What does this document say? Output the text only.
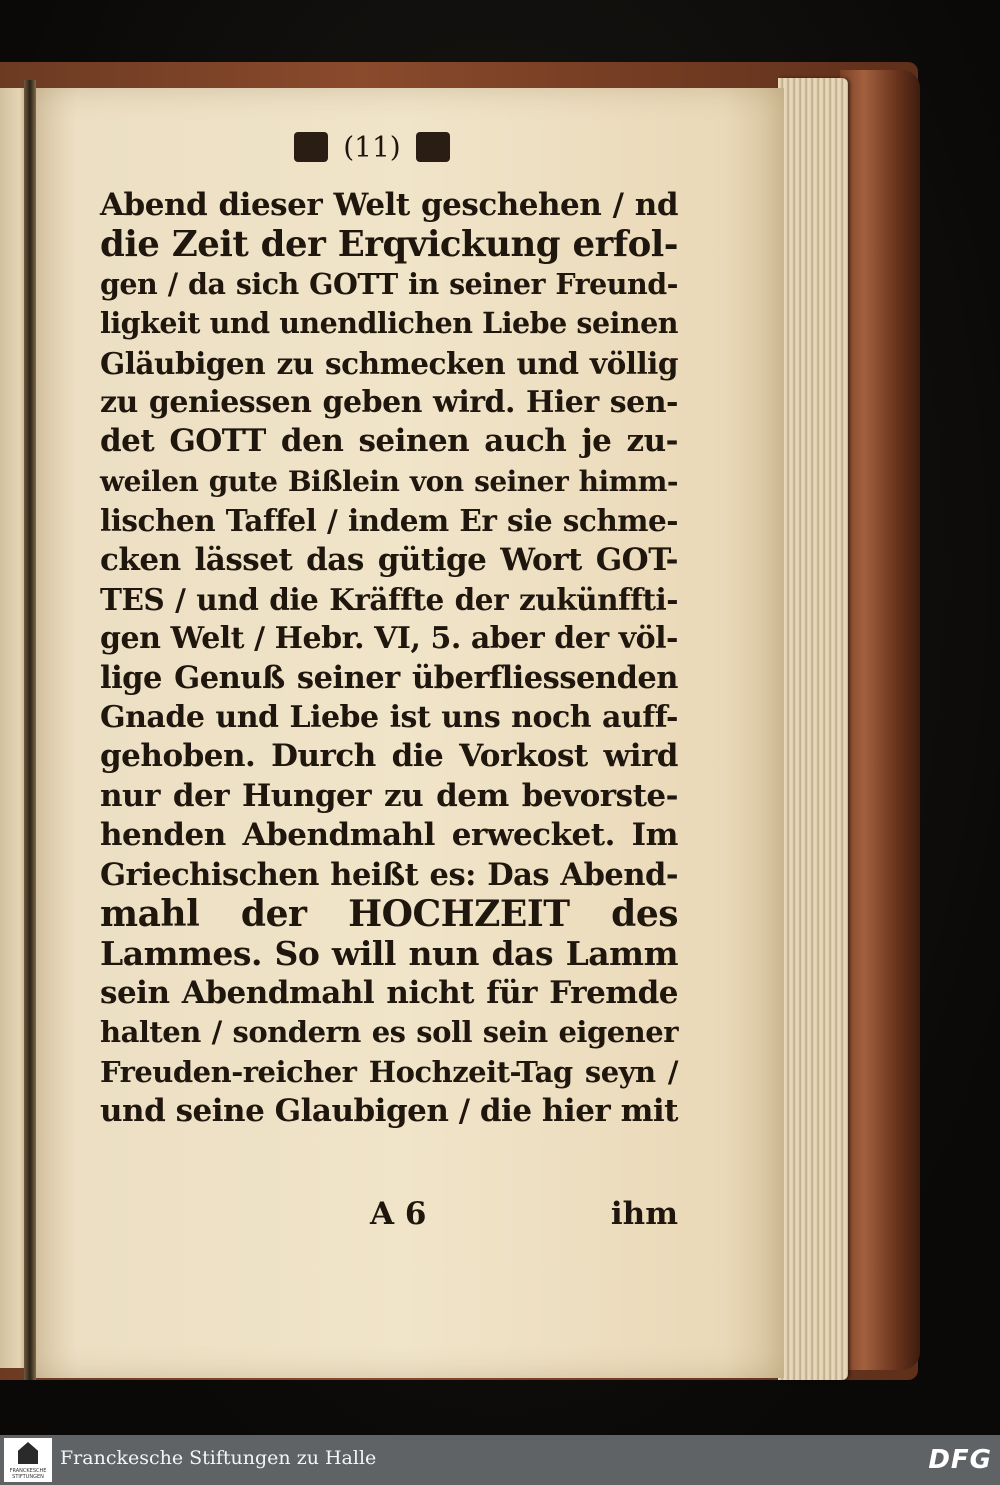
(11)
Abend dieser Welt geschehen / nd
die Zeit der Erqvickung erfol-
gen / da sich GOTT in seiner Freund-
ligkeit und unendlichen Liebe seinen
Gläubigen zu schmecken und völlig
zu geniessen geben wird. Hier sen-
det GOTT den seinen auch je zu-
weilen gute Bißlein von seiner himm-
lischen Taffel / indem Er sie schme-
cken lässet das gütige Wort GOT-
TES / und die Kräffte der zukünffti-
gen Welt / Hebr. VI, 5. aber der völ-
lige Genuß seiner überfliessenden
Gnade und Liebe ist uns noch auff-
gehoben. Durch die Vorkost wird
nur der Hunger zu dem bevorste-
henden Abendmahl erwecket. Im
Griechischen heißt es: Das Abend-
mahl der HOCHZEIT des
Lammes. So will nun das Lamm
sein Abendmahl nicht für Fremde
halten / sondern es soll sein eigener
Freuden-reicher Hochzeit-Tag seyn /
und seine Glaubigen / die hier mit
A 6	ihm
FRANCKESCHE STIFTUNGEN
Franckesche Stiftungen zu Halle	DFG
